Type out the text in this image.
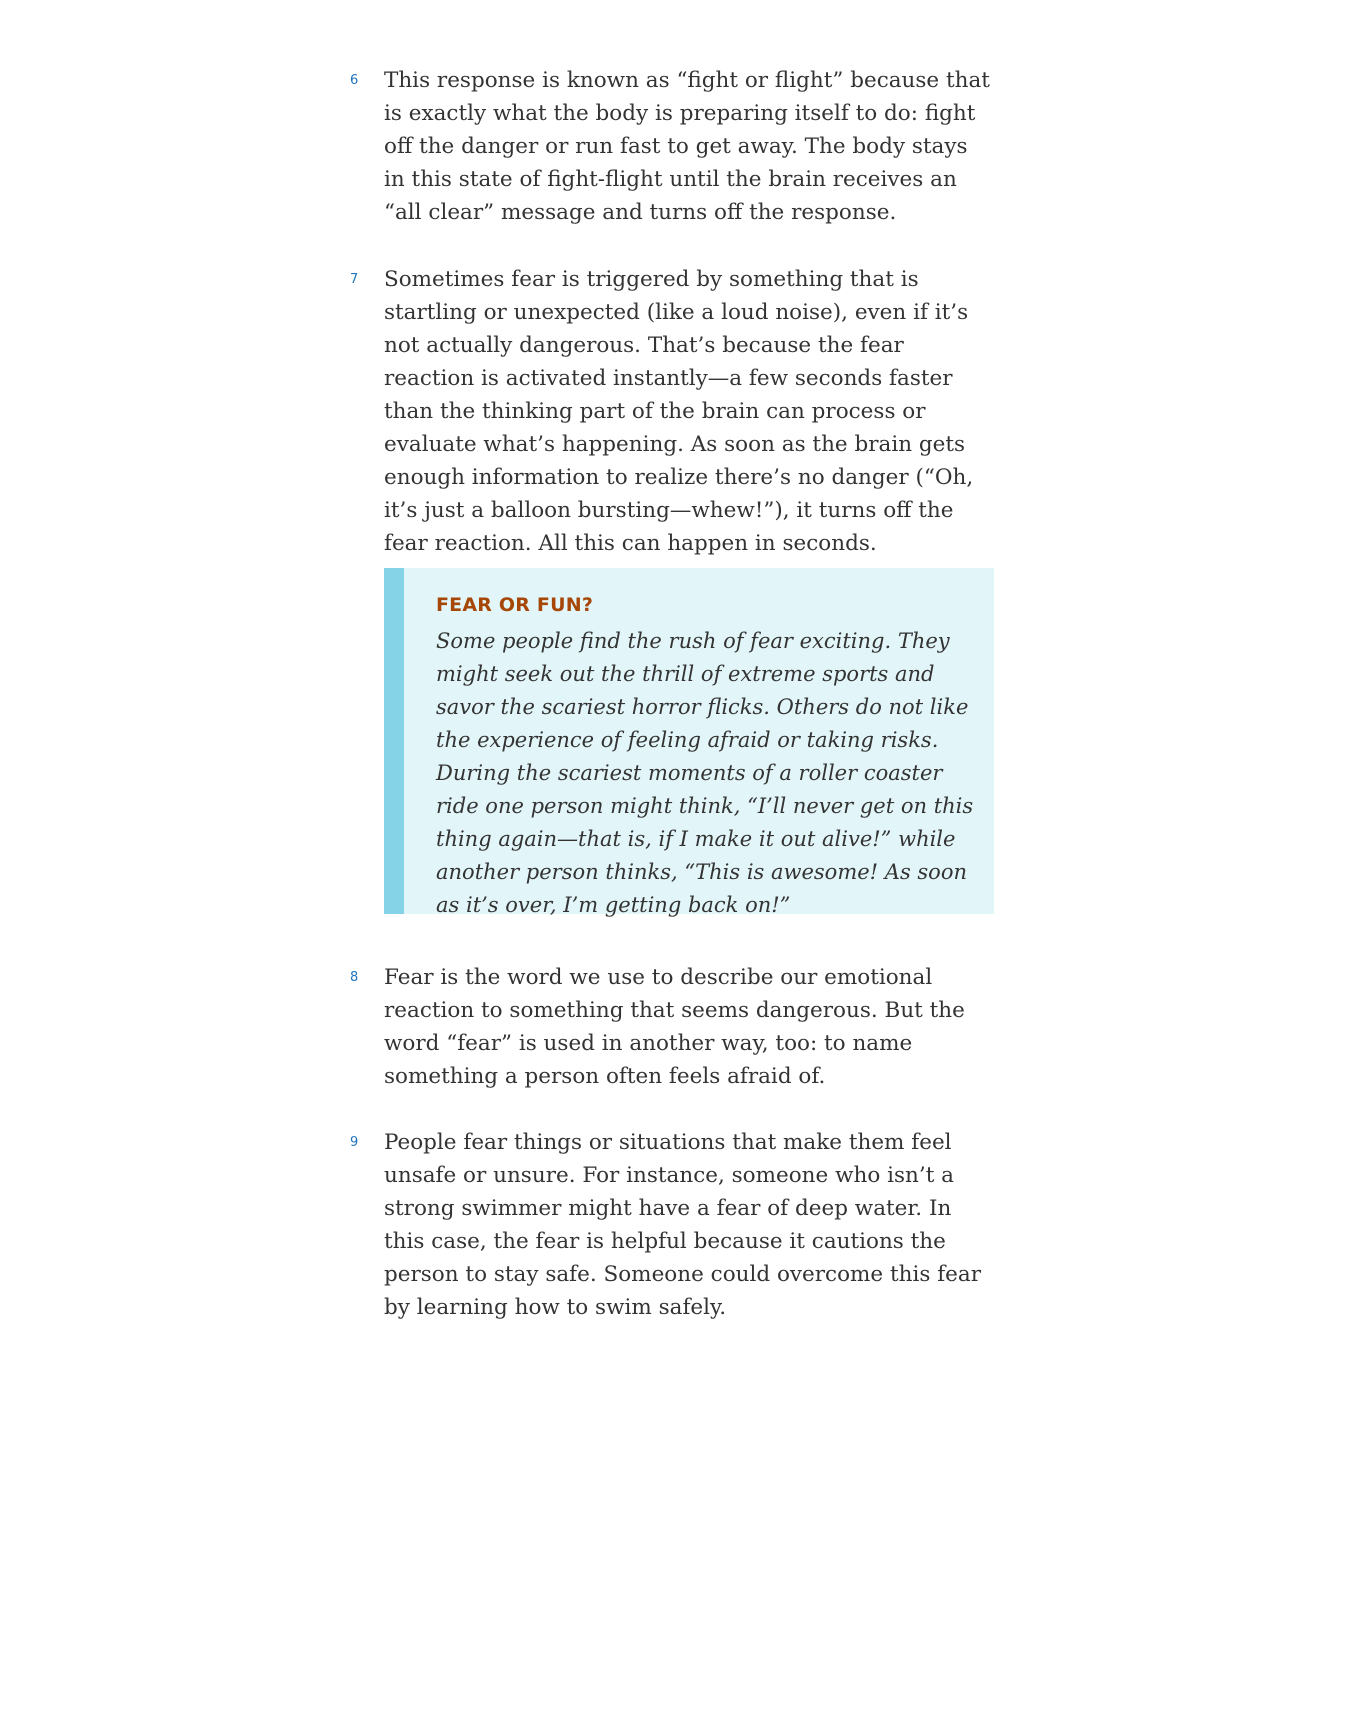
6	This response is known as “fight or flight” because that is exactly what the body is preparing itself to do: fight off the danger or run fast to get away. The body stays in this state of fight-flight until the brain receives an “all clear” message and turns off the response.

7	Sometimes fear is triggered by something that is startling or unexpected (like a loud noise), even if it’s not actually dangerous. That’s because the fear reaction is activated instantly—a few seconds faster than the thinking part of the brain can process or evaluate what’s happening. As soon as the brain gets enough information to realize there’s no danger (“Oh, it’s just a balloon bursting—whew!”), it turns off the fear reaction. All this can happen in seconds.

FEAR OR FUN?
Some people find the rush of fear exciting. They might seek out the thrill of extreme sports and savor the scariest horror flicks. Others do not like the experience of feeling afraid or taking risks. During the scariest moments of a roller coaster ride one person might think, “I’ll never get on this thing again—that is, if I make it out alive!” while another person thinks, “This is awesome! As soon as it’s over, I’m getting back on!”
8	Fear is the word we use to describe our emotional reaction to something that seems dangerous. But the word “fear” is used in another way, too: to name something a person often feels afraid of.

9	People fear things or situations that make them feel unsafe or unsure. For instance, someone who isn’t a strong swimmer might have a fear of deep water. In this case, the fear is helpful because it cautions the person to stay safe. Someone could overcome this fear by learning how to swim safely.
